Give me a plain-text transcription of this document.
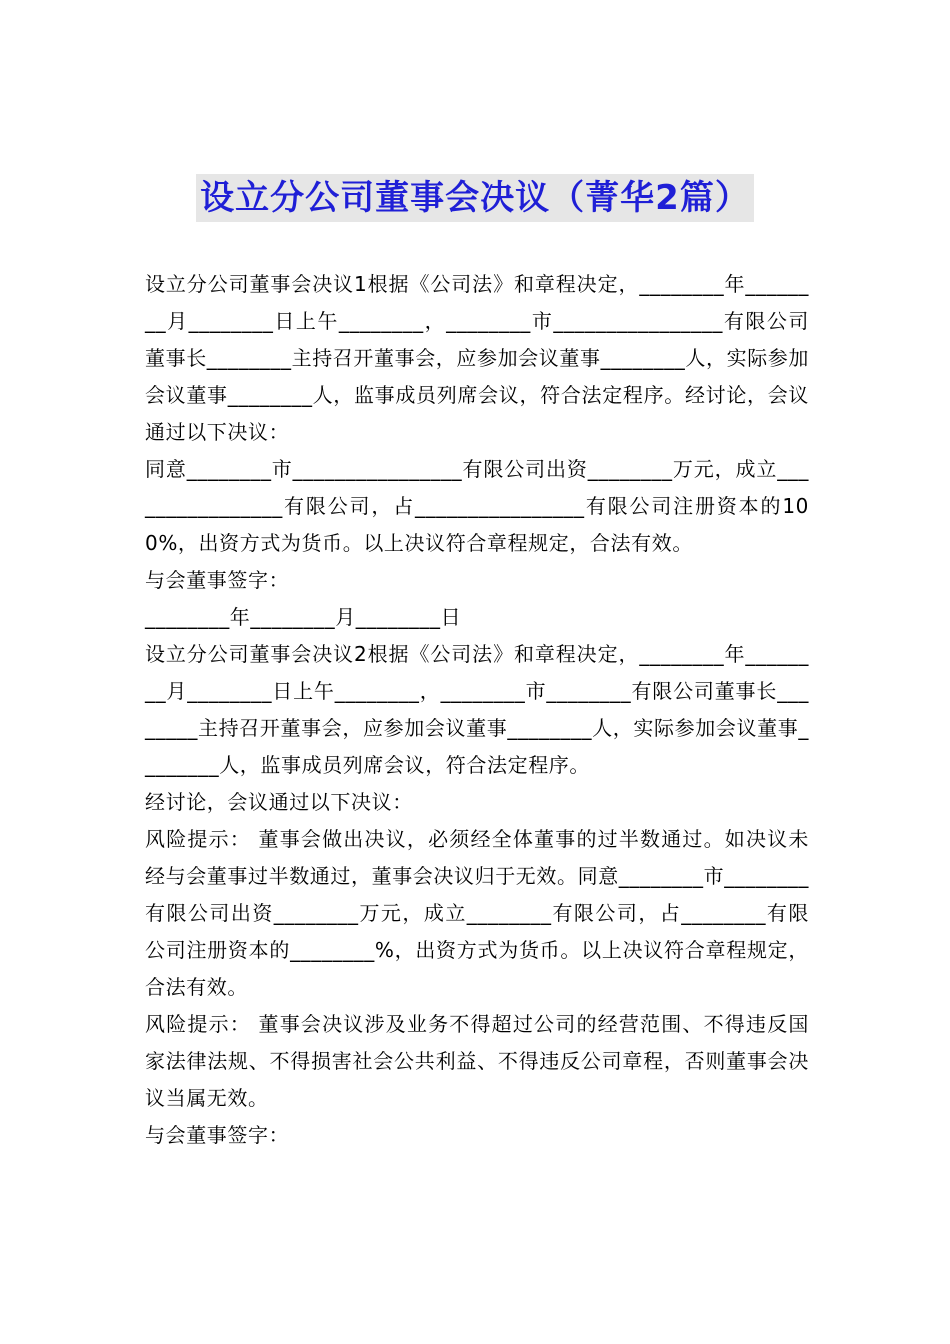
设立分公司董事会决议（菁华2篇）

设立分公司董事会决议1根据《公司法》和章程决定，________年________月________日上午________，________市________________有限公司董事长________主持召开董事会，应参加会议董事________人，实际参加会议董事________人，监事成员列席会议，符合法定程序。经讨论，会议通过以下决议：

同意________市________________有限公司出资________万元，成立________________有限公司，占________________有限公司注册资本的100%，出资方式为货币。以上决议符合章程规定，合法有效。

与会董事签字：

________年________月________日

设立分公司董事会决议2根据《公司法》和章程决定，________年________月________日上午________，________市________有限公司董事长________主持召开董事会，应参加会议董事________人，实际参加会议董事________人，监事成员列席会议，符合法定程序。

经讨论，会议通过以下决议：

风险提示： 董事会做出决议，必须经全体董事的过半数通过。如决议未经与会董事过半数通过，董事会决议归于无效。同意________市________有限公司出资________万元，成立________有限公司，占________有限公司注册资本的________%，出资方式为货币。以上决议符合章程规定，合法有效。

风险提示： 董事会决议涉及业务不得超过公司的经营范围、不得违反国家法律法规、不得损害社会公共利益、不得违反公司章程，否则董事会决议当属无效。

与会董事签字：
